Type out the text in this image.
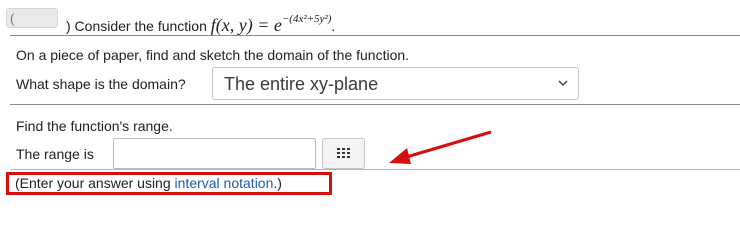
(	) Consider the function f(x, $y) = e^{-(4x^2+5y^2)}$.
On a piece of paper, find and sketch the domain of the function.
What shape is the domain? The entire xy-plane
Find the function's range.
The range is
(Enter your answer using interval notation.)
